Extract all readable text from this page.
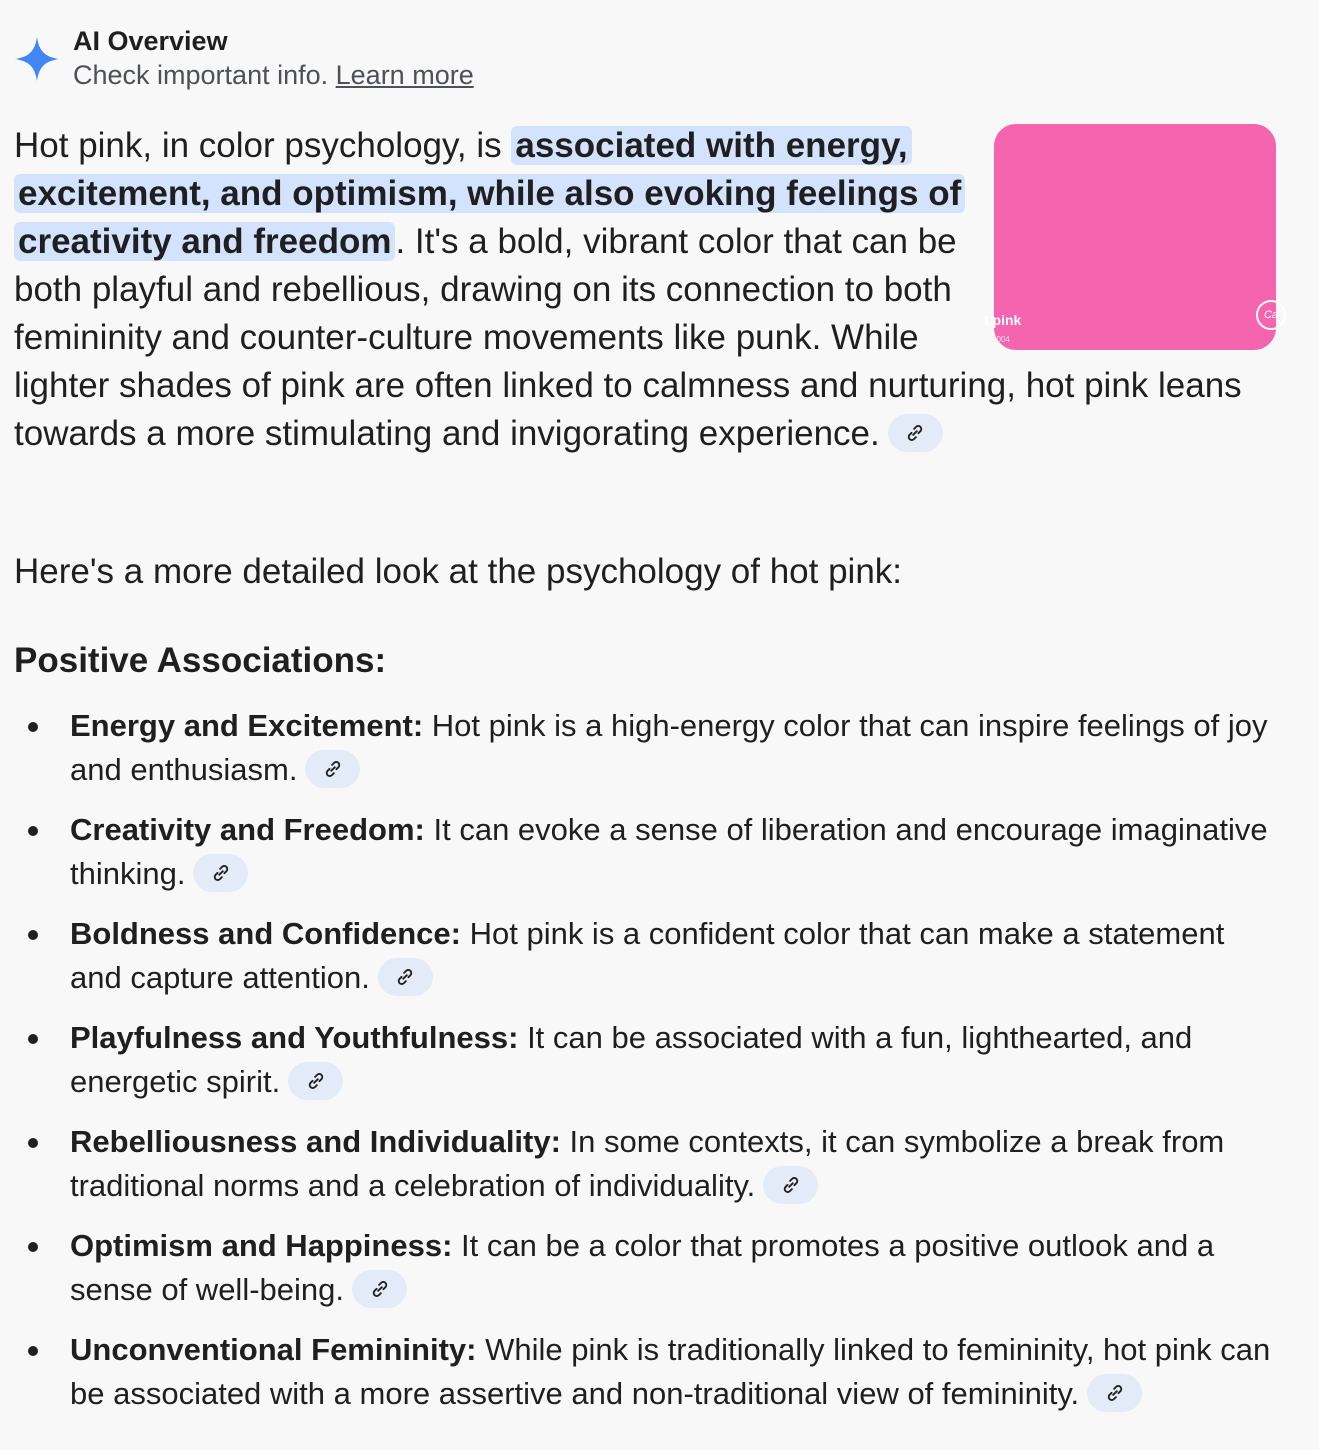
AI Overview
Check important info. Learn more
t pink
5004
Ca
Hot pink, in color psychology, is associated with energy, excitement, and optimism, while also evoking feelings of creativity and freedom . It's a bold, vibrant color that can be both playful and rebellious, drawing on its connection to both femininity and counter-culture movements like punk. While lighter shades of pink are often linked to calmness and nurturing, hot pink leans towards a more stimulating and invigorating experience.
Here's a more detailed look at the psychology of hot pink:
Positive Associations:
Energy and Excitement: Hot pink is a high-energy color that can inspire feelings of joy and enthusiasm.
Creativity and Freedom: It can evoke a sense of liberation and encourage imaginative thinking.
Boldness and Confidence: Hot pink is a confident color that can make a statement and capture attention.
Playfulness and Youthfulness: It can be associated with a fun, lighthearted, and energetic spirit.
Rebelliousness and Individuality: In some contexts, it can symbolize a break from traditional norms and a celebration of individuality.
Optimism and Happiness: It can be a color that promotes a positive outlook and a sense of well-being.
Unconventional Femininity: While pink is traditionally linked to femininity, hot pink can be associated with a more assertive and non-traditional view of femininity.
